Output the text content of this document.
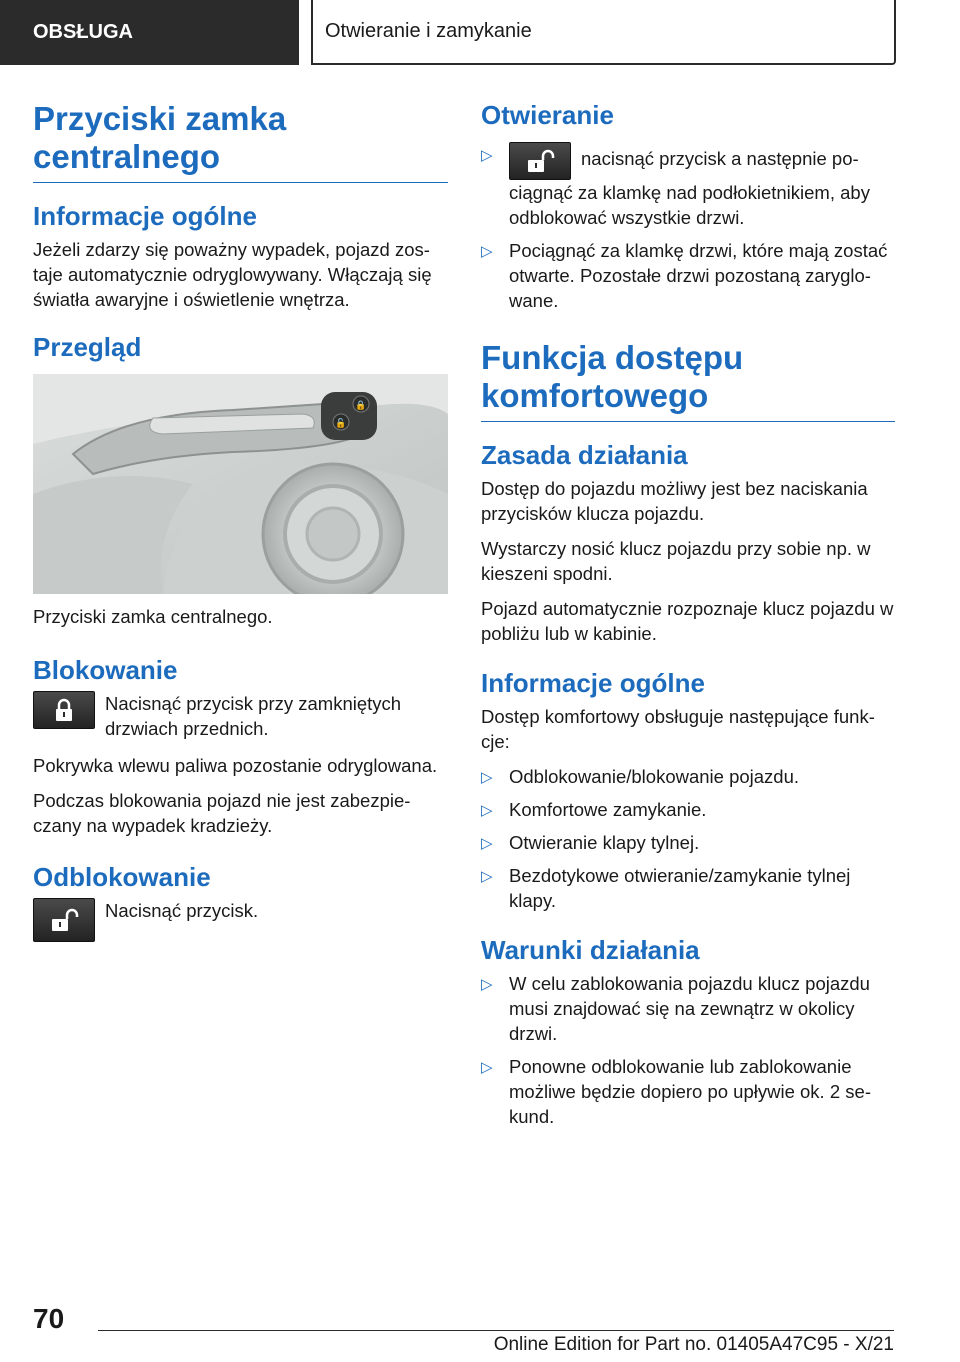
OBSŁUGA	Otwieranie i zamykanie
Przyciski zamka centralnego
Informacje ogólne
Jeżeli zdarzy się poważny wypadek, pojazd zostaje automatycznie odryglowywany. Włączają się światła awaryjne i oświetlenie wnętrza.
Przegląd
🔒
🔓
Przyciski zamka centralnego.
Blokowanie
Nacisnąć przycisk przy zamkniętych drzwiach przednich.
Pokrywka wlewu paliwa pozostanie odryglowana.
Podczas blokowania pojazd nie jest zabezpieczany na wypadek kradzieży.
Odblokowanie
Nacisnąć przycisk.
Otwieranie
▷	nacisnąć przycisk a następnie pociągnąć za klamkę nad podłokietnikiem, aby odblokować wszystkie drzwi.
▷ Pociągnąć za klamkę drzwi, które mają zostać otwarte. Pozostałe drzwi pozostaną zaryglowane.
Funkcja dostępu komfortowego
Zasada działania
Dostęp do pojazdu możliwy jest bez naciskania przycisków klucza pojazdu.
Wystarczy nosić klucz pojazdu przy sobie np. w kieszeni spodni.
Pojazd automatycznie rozpoznaje klucz pojazdu w pobliżu lub w kabinie.
Informacje ogólne
Dostęp komfortowy obsługuje następujące funkcje:
▷ Odblokowanie/blokowanie pojazdu.
▷ Komfortowe zamykanie.
▷ Otwieranie klapy tylnej.
▷ Bezdotykowe otwieranie/zamykanie tylnej klapy.
Warunki działania
▷ W celu zablokowania pojazdu klucz pojazdu musi znajdować się na zewnątrz w okolicy drzwi.
▷ Ponowne odblokowanie lub zablokowanie możliwe będzie dopiero po upływie ok. 2 sekund.
70
Online Edition for Part no. 01405A47C95 - X/21
